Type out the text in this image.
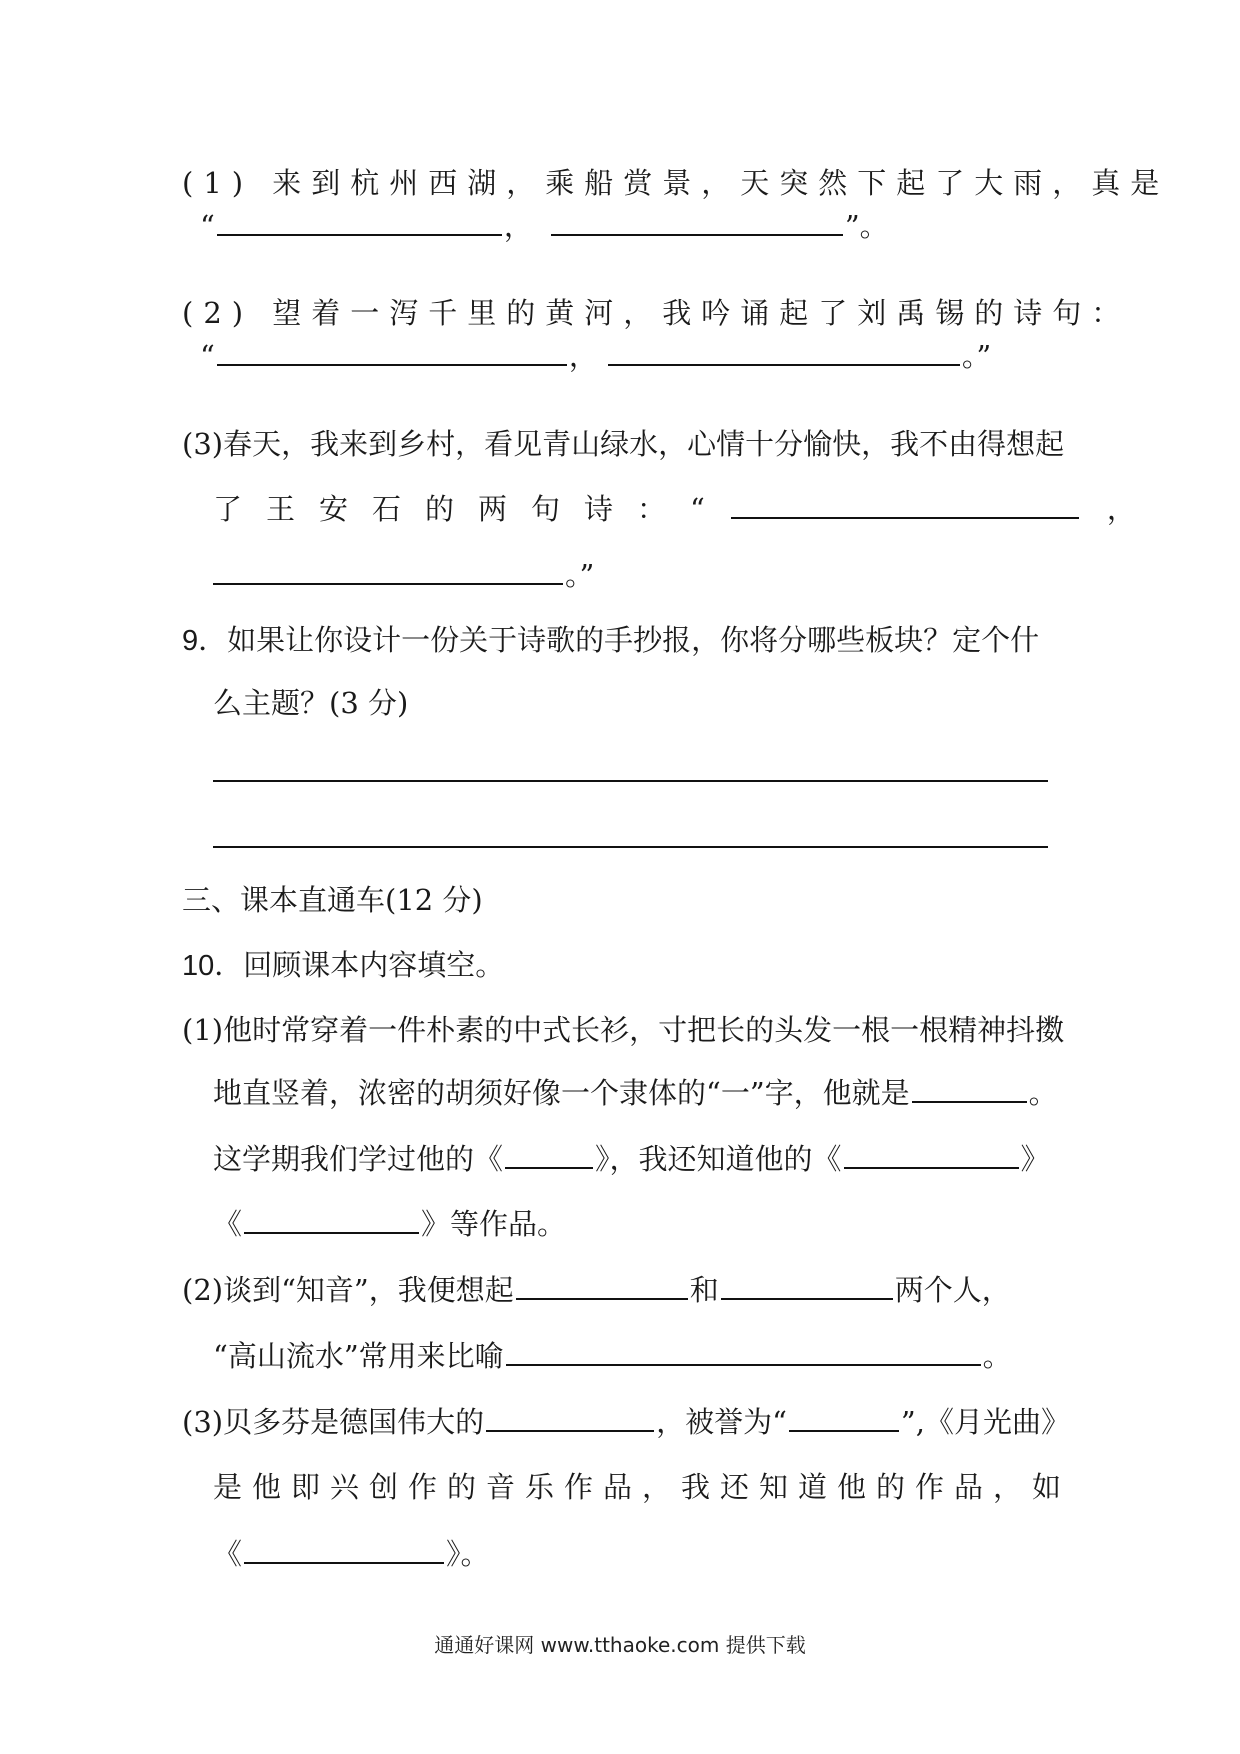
(1) 来到杭州西湖，乘船赏景，天突然下起了大雨，真是
“	，	”。
(2) 望着一泻千里的黄河，我吟诵起了刘禹锡的诗句：
“	，	。”
(3)春天，我来到乡村，看见青山绿水，心情十分愉快，我不由得想起
了王安石的两句诗：“	，
。”
9．如果让你设计一份关于诗歌的手抄报，你将分哪些板块？定个什
么主题？(3 分)
三、课本直通车(12 分)
10．回顾课本内容填空。
(1)他时常穿着一件朴素的中式长衫，寸把长的头发一根一根精神抖擞
地直竖着，浓密的胡须好像一个隶体的“一”字，他就是	。
这学期我们学过他的《	》，我还知道他的《	》
《	》等作品。
(2)谈到“知音”，我便想起	和	两个人，
“高山流水”常用来比喻	。
(3)贝多芬是德国伟大的	，被誉为“	”,《月光曲》
是他即兴创作的音乐作品，我还知道他的作品，如
《	》。
通通好课网 www.tthaoke.com 提供下载
